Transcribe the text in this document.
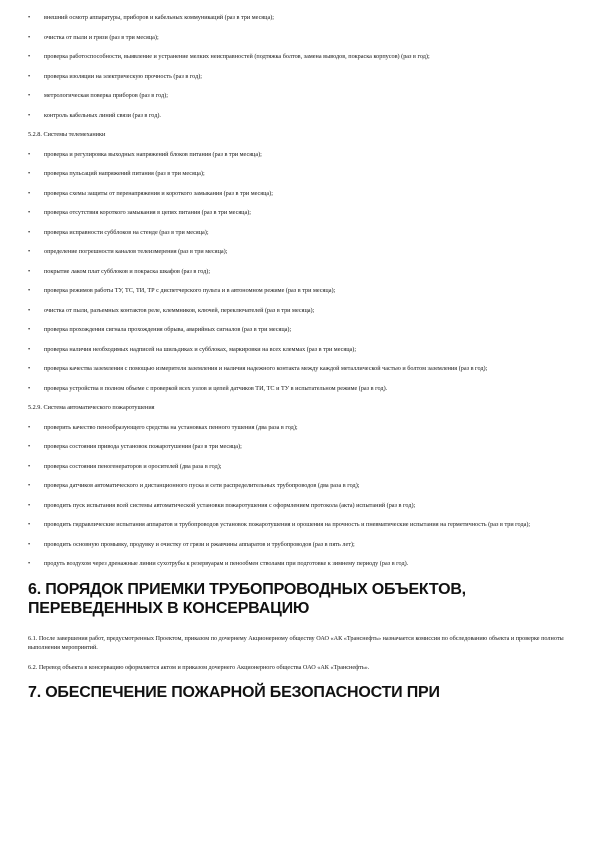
•	внешний осмотр аппаратуры, приборов и кабельных коммуникаций (раз в три месяца);
•	очистка от пыли и грязи (раз в три месяца);
•	проверка работоспособности, выявление и устранение мелких неисправностей (подтяжка болтов, замена выводов, покраска корпусов) (раз в год);
•	проверка изоляции на электрическую прочность (раз в год);
•	метрологическая поверка приборов (раз в год);
•	контроль кабельных линий связи (раз в год).
5.2.8. Системы телемеханики
•	проверка и регулировка выходных напряжений блоков питания (раз в три месяца);
•	проверка пульсаций напряжений питания (раз в три месяца);
•	проверка схемы защиты от перенапряжения и короткого замыкания (раз в три месяца);
•	проверка отсутствия короткого замыкания в цепях питания (раз в три месяца);
•	проверка исправности субблоков на стенде (раз в три месяца);
•	определение погрешности каналов телеизмерения (раз в три месяца);
•	покрытие лаком плат субблоков и покраска шкафов (раз в год);
•	проверка режимов работы ТУ, ТС, ТИ, ТР с диспетчерского пульта и в автономном режиме (раз в три месяца);
•	очистка от пыли, разъемных контактов реле, клеммников, ключей, переключателей (раз в три месяца);
•	проверка прохождения сигнала прохождения обрыва, аварийных сигналов (раз в три месяца);
•	проверка наличия необходимых надписей на шильдиках и субблоках, маркировки на всех клеммах (раз в три месяца);
•	проверка качества заземления с помощью измерителя заземления и наличия надежного контакта между каждой металлической частью и болтом заземления (раз в год);
•	проверка устройства в полном объеме с проверкой всех узлов и цепей датчиков ТИ, ТС и ТУ в испытательном режиме (раз в год).
5.2.9. Система автоматического пожаротушения
•	проверить качество пенообразующего средства на установках пенного тушения (два раза в год);
•	проверка состояния привода установок пожаротушения (раз в три месяца);
•	проверка состояния пеногенераторов и оросителей (два раза в год);
•	проверка датчиков автоматического и дистанционного пуска и сети распределительных трубопроводов (два раза в год);
•	проводить пуск испытания всей системы автоматической установки пожаротушения с оформлением протокола (акта) испытаний (раз в год);
•	проводить гидравлические испытания аппаратов и трубопроводов установок пожаротушения и орошения на прочность и пневматические испытания на герметичность (раз в три года);
•	проводить основную промывку, продувку и очистку от грязи и ржавчины аппаратов и трубопроводов (раз в пять лет);
•	продуть воздухом через дренажные линии сухотрубы к резервуарам и пенообмен стволами при подготовке к зимнему периоду (раз в год).
6. ПОРЯДОК ПРИЕМКИ ТРУБОПРОВОДНЫХ ОБЪЕКТОВ, ПЕРЕВЕДЕННЫХ В КОНСЕРВАЦИЮ
6.1. После завершения работ, предусмотренных Проектом, приказом по дочернему Акционерному обществу ОАО «АК «Транснефть» назначается комиссия по обследованию объекта и проверке полноты выполнения мероприятий.
6.2. Перевод объекта в консервацию оформляется актом и приказом дочернего Акционерного общества ОАО «АК «Транснефть».
7. ОБЕСПЕЧЕНИЕ ПОЖАРНОЙ БЕЗОПАСНОСТИ ПРИ
